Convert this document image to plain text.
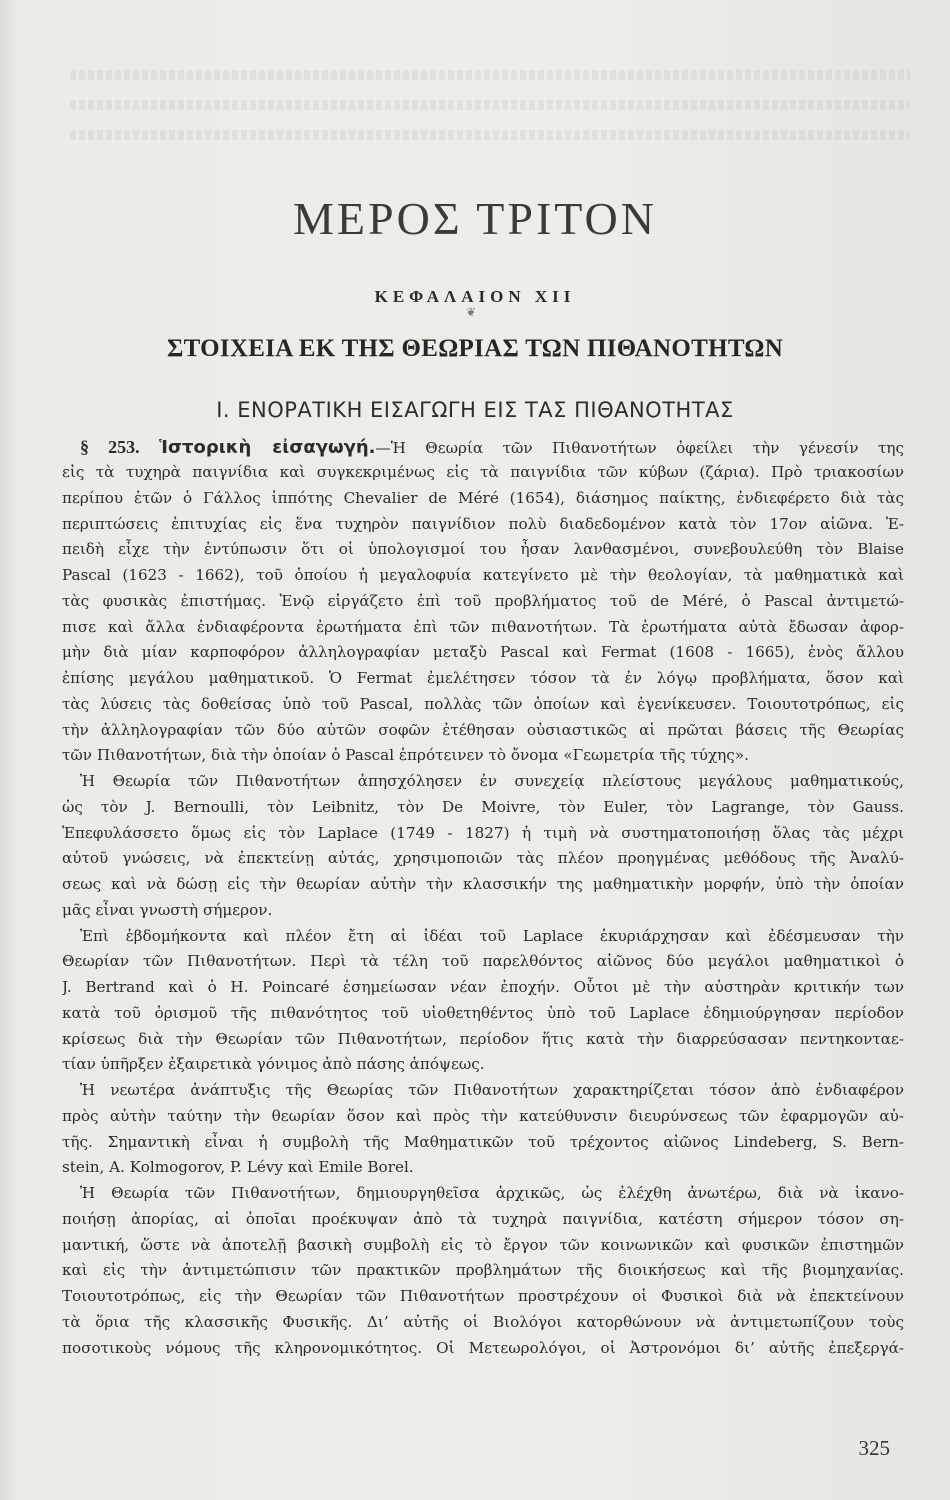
ΜΕΡΟΣ ΤΡΙΤΟΝ
ΚΕΦΑΛΑΙΟΝ XII
❦
ΣΤΟΙΧΕΙΑ ΕΚ ΤΗΣ ΘΕΩΡΙΑΣ ΤΩΝ ΠΙΘΑΝΟΤΗΤΩΝ
Ι. ΕΝΟΡΑΤΙΚΗ ΕΙΣΑΓΩΓΗ ΕΙΣ ΤΑΣ ΠΙΘΑΝΟΤΗΤΑΣ
§ 253. Ἱστορικὴ εἰσαγωγή.—Ἡ Θεωρία τῶν Πιθανοτήτων ὀφείλει τὴν γένεσίν της
εἰς τὰ τυχηρὰ παιγνίδια καὶ συγκεκριμένως εἰς τὰ παιγνίδια τῶν κύβων (ζάρια). Πρὸ τριακοσίων
περίπου ἐτῶν ὁ Γάλλος ἱππότης Chevalier de Méré (1654), διάσημος παίκτης, ἐνδιεφέρετο διὰ τὰς
περιπτώσεις ἐπιτυχίας εἰς ἕνα τυχηρὸν παιγνίδιον πολὺ διαδεδομένον κατὰ τὸν 17ον αἰῶνα. Ἐ-
πειδὴ εἶχε τὴν ἐντύπωσιν ὅτι οἱ ὑπολογισμοί του ἦσαν λανθασμένοι, συνεβουλεύθη τὸν Blaise
Pascal (1623 - 1662), τοῦ ὁποίου ἡ μεγαλοφυία κατεγίνετο μὲ τὴν θεολογίαν, τὰ μαθηματικὰ καὶ
τὰς φυσικὰς ἐπιστήμας. Ἐνῷ εἰργάζετο ἐπὶ τοῦ προβλήματος τοῦ de Méré, ὁ Pascal ἀντιμετώ-
πισε καὶ ἄλλα ἐνδιαφέροντα ἐρωτήματα ἐπὶ τῶν πιθανοτήτων. Τὰ ἐρωτήματα αὐτὰ ἔδωσαν ἀφορ-
μὴν διὰ μίαν καρποφόρον ἀλληλογραφίαν μεταξὺ Pascal καὶ Fermat (1608 - 1665), ἑνὸς ἄλλου
ἐπίσης μεγάλου μαθηματικοῦ. Ὁ Fermat ἐμελέτησεν τόσον τὰ ἐν λόγῳ προβλήματα, ὅσον καὶ
τὰς λύσεις τὰς δοθείσας ὑπὸ τοῦ Pascal, πολλὰς τῶν ὁποίων καὶ ἐγενίκευσεν. Τοιουτοτρόπως, εἰς
τὴν ἀλληλογραφίαν τῶν δύο αὐτῶν σοφῶν ἐτέθησαν οὐσιαστικῶς αἱ πρῶται βάσεις τῆς Θεωρίας
τῶν Πιθανοτήτων, διὰ τὴν ὁποίαν ὁ Pascal ἐπρότεινεν τὸ ὄνομα «Γεωμετρία τῆς τύχης».
Ἡ Θεωρία τῶν Πιθανοτήτων ἀπησχόλησεν ἐν συνεχείᾳ πλείστους μεγάλους μαθηματικούς,
ὡς τὸν J. Bernoulli, τὸν Leibnitz, τὸν De Moivre, τὸν Euler, τὸν Lagrange, τὸν Gauss.
Ἐπεφυλάσσετο ὅμως εἰς τὸν Laplace (1749 - 1827) ἡ τιμὴ νὰ συστηματοποιήσῃ ὅλας τὰς μέχρι
αὐτοῦ γνώσεις, νὰ ἐπεκτείνῃ αὐτάς, χρησιμοποιῶν τὰς πλέον προηγμένας μεθόδους τῆς Ἀναλύ-
σεως καὶ νὰ δώσῃ εἰς τὴν θεωρίαν αὐτὴν τὴν κλασσικήν της μαθηματικὴν μορφήν, ὑπὸ τὴν ὁποίαν
μᾶς εἶναι γνωστὴ σήμερον.
Ἐπὶ ἑβδομήκοντα καὶ πλέον ἔτη αἱ ἰδέαι τοῦ Laplace ἐκυριάρχησαν καὶ ἐδέσμευσαν τὴν
Θεωρίαν τῶν Πιθανοτήτων. Περὶ τὰ τέλη τοῦ παρελθόντος αἰῶνος δύο μεγάλοι μαθηματικοὶ ὁ
J. Bertrand καὶ ὁ H. Poincaré ἐσημείωσαν νέαν ἐποχήν. Οὗτοι μὲ τὴν αὐστηρὰν κριτικήν των
κατὰ τοῦ ὁρισμοῦ τῆς πιθανότητος τοῦ υἱοθετηθέντος ὑπὸ τοῦ Laplace ἐδημιούργησαν περίοδον
κρίσεως διὰ τὴν Θεωρίαν τῶν Πιθανοτήτων, περίοδον ἥτις κατὰ τὴν διαρρεύσασαν πεντηκονταε-
τίαν ὑπῆρξεν ἐξαιρετικὰ γόνιμος ἀπὸ πάσης ἀπόψεως.
Ἡ νεωτέρα ἀνάπτυξις τῆς Θεωρίας τῶν Πιθανοτήτων χαρακτηρίζεται τόσον ἀπὸ ἐνδιαφέρον
πρὸς αὐτὴν ταύτην τὴν θεωρίαν ὅσον καὶ πρὸς τὴν κατεύθυνσιν διευρύνσεως τῶν ἐφαρμογῶν αὐ-
τῆς. Σημαντικὴ εἶναι ἡ συμβολὴ τῆς Μαθηματικῶν τοῦ τρέχοντος αἰῶνος Lindeberg, S. Bern-
stein, A. Kolmogorov, P. Lévy καὶ Emile Borel.
Ἡ Θεωρία τῶν Πιθανοτήτων, δημιουργηθεῖσα ἀρχικῶς, ὡς ἐλέχθη ἀνωτέρω, διὰ νὰ ἱκανο-
ποιήσῃ ἀπορίας, αἱ ὁποῖαι προέκυψαν ἀπὸ τὰ τυχηρὰ παιγνίδια, κατέστη σήμερον τόσον ση-
μαντική, ὥστε νὰ ἀποτελῇ βασικὴ συμβολὴ εἰς τὸ ἔργον τῶν κοινωνικῶν καὶ φυσικῶν ἐπιστημῶν
καὶ εἰς τὴν ἀντιμετώπισιν τῶν πρακτικῶν προβλημάτων τῆς διοικήσεως καὶ τῆς βιομηχανίας.
Τοιουτοτρόπως, εἰς τὴν Θεωρίαν τῶν Πιθανοτήτων προστρέχουν οἱ Φυσικοὶ διὰ νὰ ἐπεκτείνουν
τὰ ὅρια τῆς κλασσικῆς Φυσικῆς. Δι’ αὐτῆς οἱ Βιολόγοι κατορθώνουν νὰ ἀντιμετωπίζουν τοὺς
ποσοτικοὺς νόμους τῆς κληρονομικότητος. Οἱ Μετεωρολόγοι, οἱ Ἀστρονόμοι δι’ αὐτῆς ἐπεξεργά-
325
